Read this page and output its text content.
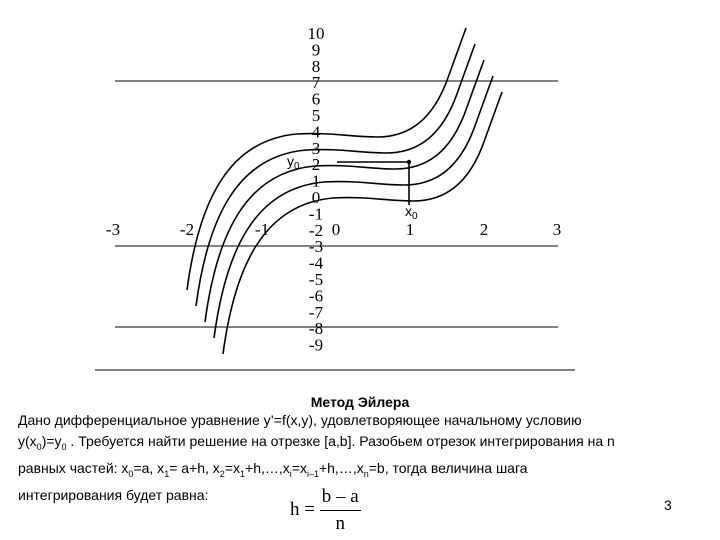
10
9
8
7
6
5
4
3
2
1
0
-1
-2
-3
-4
-5
-6
-7
-8
-9
-3	-2	-1	0	1	2	3
$y_0$
$x_0$
Метод Эйлера
Дано дифференциальное уравнение y’=f(x,y), удовлетворяющее начальному условию
$y(x_0)=y_0$ . Требуется найти решение на отрезке [a,b]. Разобьем отрезок интегрирования на n
равных частей: $x_0=a$, $x_1= a+h$, $x_2=x_1+h,\dots,x_i=x_{i-1}+h,\dots,x_n=b$, тогда величина шага
интегрирования будет равна:
$h = \frac{b - a}{n}$	3
